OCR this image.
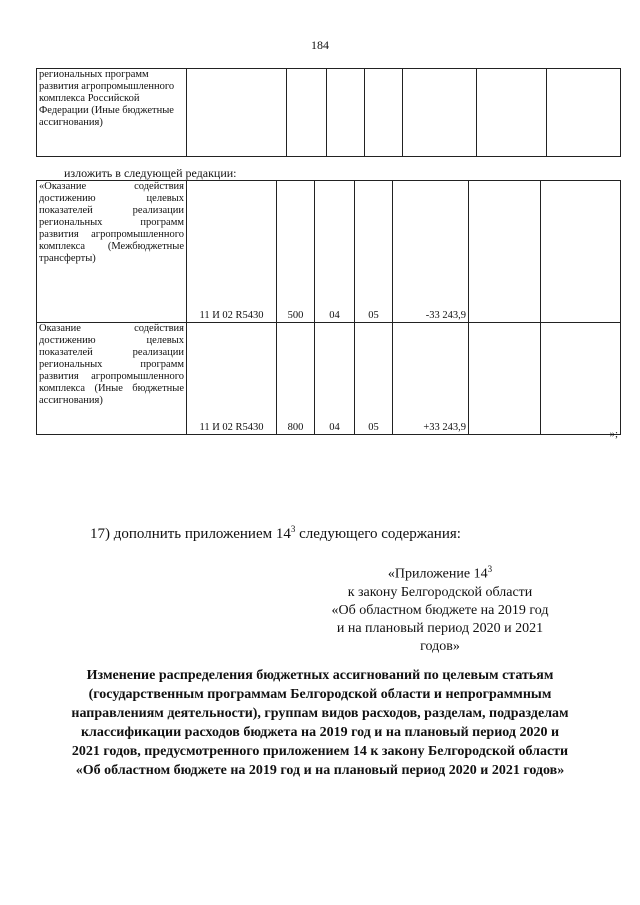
184
региональных программ развития агропромышленного комплекса Российской Федерации (Иные бюджетные ассигнования)							
изложить в следующей редакции:
«Оказание содействия достижению целевых показателей реализации региональных программ развития агропромышленного комплекса (Межбюджетные трансферты)	11 И 02 R5430	500	04	05	-33 243,9		
Оказание содействия достижению целевых показателей реализации региональных программ развития агропромышленного комплекса (Иные бюджетные ассигнования)	11 И 02 R5430	800	04	05	+33 243,9		
»;
17) дополнить приложением $14^3$ следующего содержания:
«Приложение $14^3$
к закону Белгородской области
«Об областном бюджете на 2019 год
и на плановый период 2020 и 2021
годов»
Изменение распределения бюджетных ассигнований по целевым статьям
(государственным программам Белгородской области и непрограммным
направлениям деятельности), группам видов расходов, разделам, подразделам
классификации расходов бюджета на 2019 год и на плановый период 2020 и
2021 годов, предусмотренного приложением 14 к закону Белгородской области
«Об областном бюджете на 2019 год и на плановый период 2020 и 2021 годов»
